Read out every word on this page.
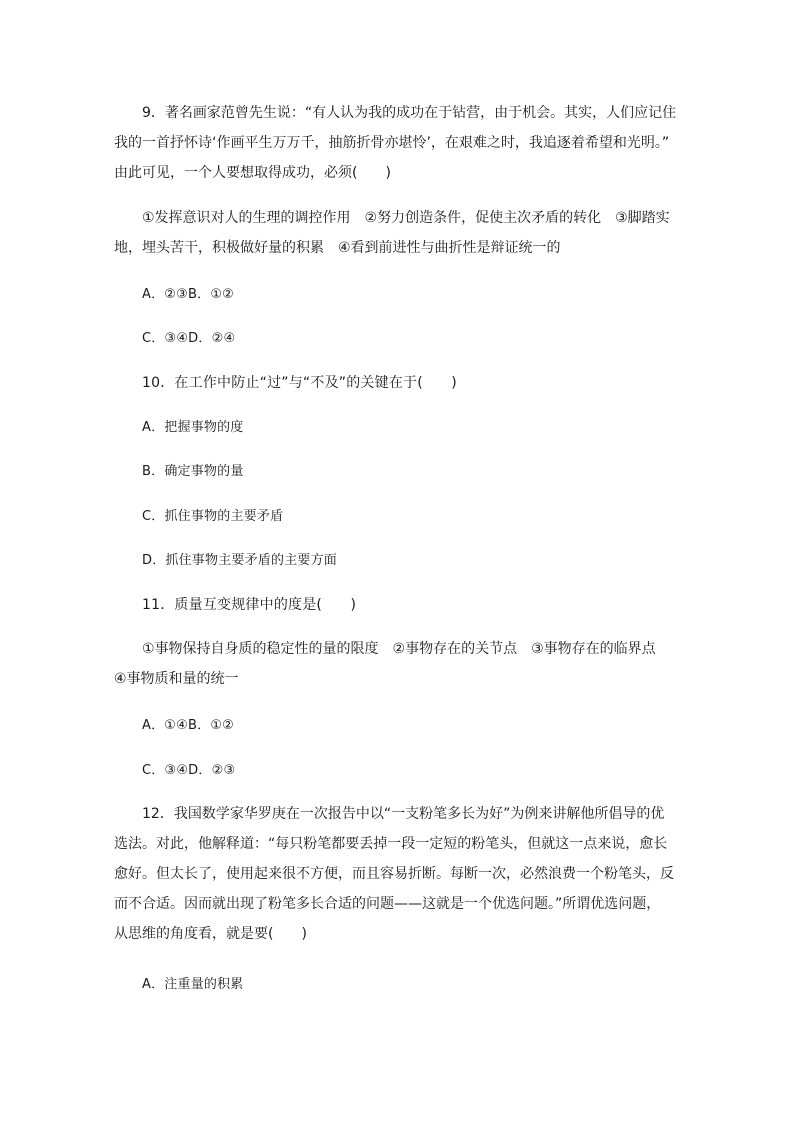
9．著名画家范曾先生说：“有人认为我的成功在于钻营，由于机会。其实，人们应记住
我的一首抒怀诗‘作画平生万万千，抽筋折骨亦堪怜’，在艰难之时，我追逐着希望和光明。”
由此可见，一个人要想取得成功，必须(　　)
①发挥意识对人的生理的调控作用　②努力创造条件，促使主次矛盾的转化　③脚踏实
地，埋头苦干，积极做好量的积累　④看到前进性与曲折性是辩证统一的
A．②③B．①②
C．③④D．②④
10．在工作中防止“过”与“不及”的关键在于(　　)
A．把握事物的度
B．确定事物的量
C．抓住事物的主要矛盾
D．抓住事物主要矛盾的主要方面
11．质量互变规律中的度是(　　)
①事物保持自身质的稳定性的量的限度　②事物存在的关节点　③事物存在的临界点
④事物质和量的统一
A．①④B．①②
C．③④D．②③
12．我国数学家华罗庚在一次报告中以“一支粉笔多长为好”为例来讲解他所倡导的优
选法。对此，他解释道：“每只粉笔都要丢掉一段一定短的粉笔头，但就这一点来说，愈长
愈好。但太长了，使用起来很不方便，而且容易折断。每断一次，必然浪费一个粉笔头，反
而不合适。因而就出现了粉笔多长合适的问题——这就是一个优选问题。”所谓优选问题，
从思维的角度看，就是要(　　)
A．注重量的积累
